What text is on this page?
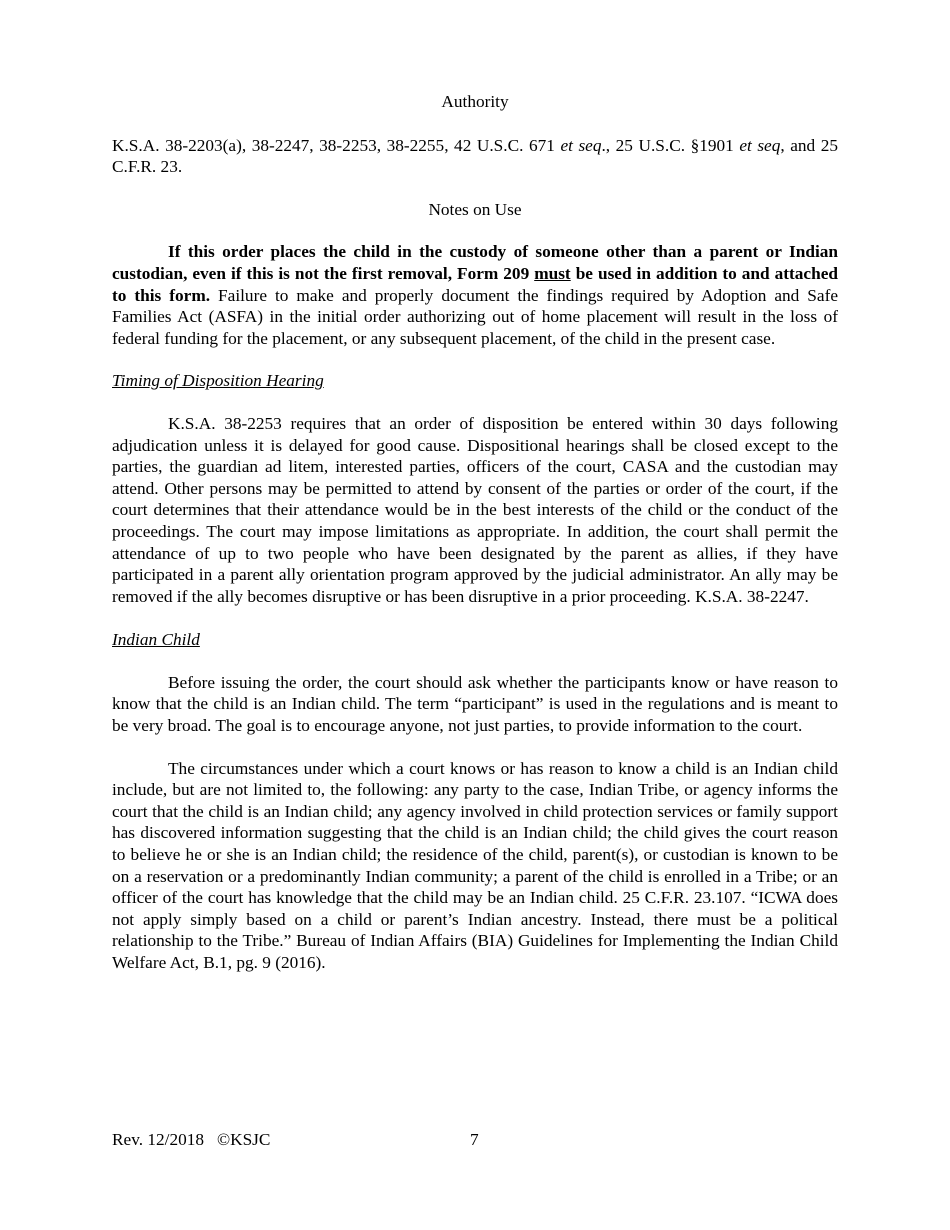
Authority

K.S.A. 38-2203(a), 38-2247, 38-2253, 38-2255, 42 U.S.C. 671 et seq., 25 U.S.C. §1901 et seq, and 25 C.F.R. 23.

Notes on Use

If this order places the child in the custody of someone other than a parent or Indian custodian, even if this is not the first removal, Form 209 must be used in addition to and attached to this form. Failure to make and properly document the findings required by Adoption and Safe Families Act (ASFA) in the initial order authorizing out of home placement will result in the loss of federal funding for the placement, or any subsequent placement, of the child in the present case.

Timing of Disposition Hearing

K.S.A. 38-2253 requires that an order of disposition be entered within 30 days following adjudication unless it is delayed for good cause. Dispositional hearings shall be closed except to the parties, the guardian ad litem, interested parties, officers of the court, CASA and the custodian may attend. Other persons may be permitted to attend by consent of the parties or order of the court, if the court determines that their attendance would be in the best interests of the child or the conduct of the proceedings. The court may impose limitations as appropriate. In addition, the court shall permit the attendance of up to two people who have been designated by the parent as allies, if they have participated in a parent ally orientation program approved by the judicial administrator. An ally may be removed if the ally becomes disruptive or has been disruptive in a prior proceeding. K.S.A. 38-2247.

Indian Child

Before issuing the order, the court should ask whether the participants know or have reason to know that the child is an Indian child. The term “participant” is used in the regulations and is meant to be very broad. The goal is to encourage anyone, not just parties, to provide information to the court.

The circumstances under which a court knows or has reason to know a child is an Indian child include, but are not limited to, the following: any party to the case, Indian Tribe, or agency informs the court that the child is an Indian child; any agency involved in child protection services or family support has discovered information suggesting that the child is an Indian child; the child gives the court reason to believe he or she is an Indian child; the residence of the child, parent(s), or custodian is known to be on a reservation or a predominantly Indian community; a parent of the child is enrolled in a Tribe; or an officer of the court has knowledge that the child may be an Indian child. 25 C.F.R. 23.107. “ICWA does not apply simply based on a child or parent’s Indian ancestry. Instead, there must be a political relationship to the Tribe.” Bureau of Indian Affairs (BIA) Guidelines for Implementing the Indian Child Welfare Act, B.1, pg. 9 (2016).

Rev. 12/2018   ©KSJC	7
